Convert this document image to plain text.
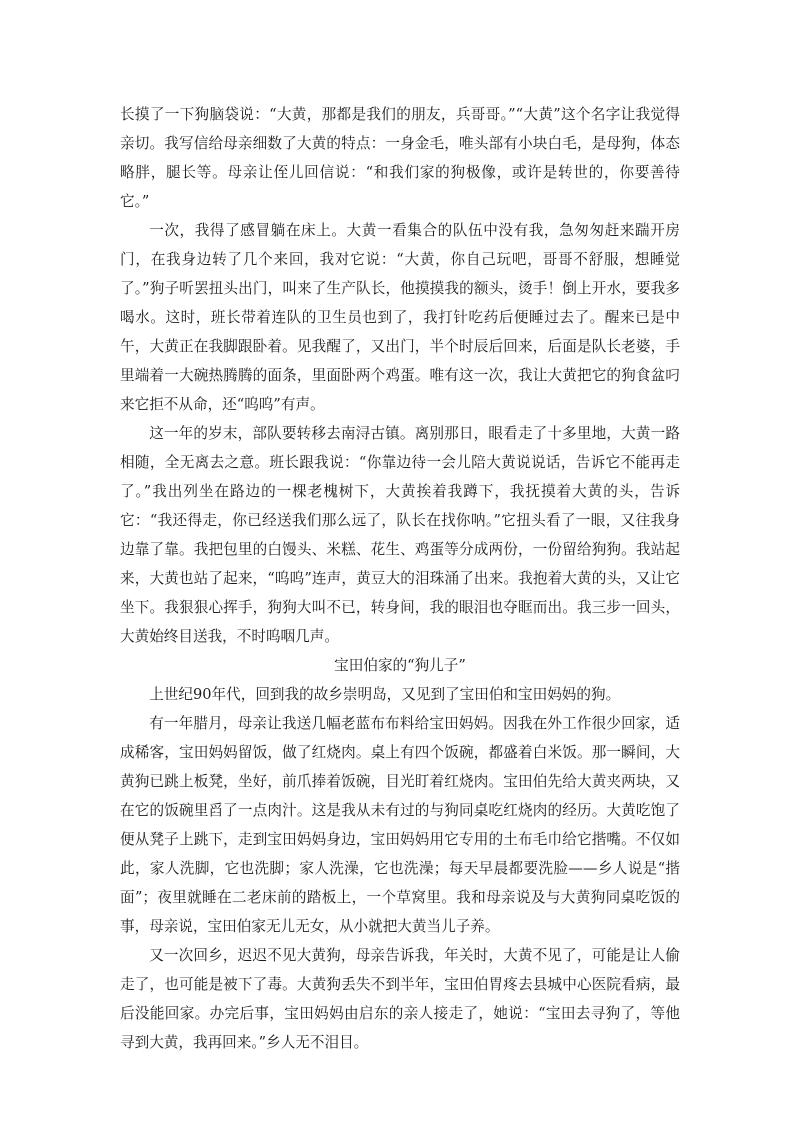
长摸了一下狗脑袋说：“大黄，那都是我们的朋友，兵哥哥。”“大黄”这个名字让我觉得亲切。我写信给母亲细数了大黄的特点：一身金毛，唯头部有小块白毛，是母狗，体态略胖，腿长等。母亲让侄儿回信说：“和我们家的狗极像，或许是转世的，你要善待它。”

一次，我得了感冒躺在床上。大黄一看集合的队伍中没有我，急匆匆赶来踹开房门，在我身边转了几个来回，我对它说：“大黄，你自己玩吧，哥哥不舒服，想睡觉了。”狗子听罢扭头出门，叫来了生产队长，他摸摸我的额头，烫手！倒上开水，要我多喝水。这时，班长带着连队的卫生员也到了，我打针吃药后便睡过去了。醒来已是中午，大黄正在我脚跟卧着。见我醒了，又出门，半个时辰后回来，后面是队长老婆，手里端着一大碗热腾腾的面条，里面卧两个鸡蛋。唯有这一次，我让大黄把它的狗食盆叼来它拒不从命，还“呜呜”有声。

这一年的岁末，部队要转移去南浔古镇。离别那日，眼看走了十多里地，大黄一路相随，全无离去之意。班长跟我说：“你靠边待一会儿陪大黄说说话，告诉它不能再走了。”我出列坐在路边的一棵老槐树下，大黄挨着我蹲下，我抚摸着大黄的头，告诉它：“我还得走，你已经送我们那么远了，队长在找你呐。”它扭头看了一眼，又往我身边靠了靠。我把包里的白馒头、米糕、花生、鸡蛋等分成两份，一份留给狗狗。我站起来，大黄也站了起来，“呜呜”连声，黄豆大的泪珠涌了出来。我抱着大黄的头，又让它坐下。我狠狠心挥手，狗狗大叫不已，转身间，我的眼泪也夺眶而出。我三步一回头，大黄始终目送我，不时呜咽几声。

宝田伯家的“狗儿子”

上世纪90年代，回到我的故乡崇明岛，又见到了宝田伯和宝田妈妈的狗。

有一年腊月，母亲让我送几幅老蓝布布料给宝田妈妈。因我在外工作很少回家，适成稀客，宝田妈妈留饭，做了红烧肉。桌上有四个饭碗，都盛着白米饭。那一瞬间，大黄狗已跳上板凳，坐好，前爪捧着饭碗，目光盯着红烧肉。宝田伯先给大黄夹两块，又在它的饭碗里舀了一点肉汁。这是我从未有过的与狗同桌吃红烧肉的经历。大黄吃饱了便从凳子上跳下，走到宝田妈妈身边，宝田妈妈用它专用的土布毛巾给它揩嘴。不仅如此，家人洗脚，它也洗脚；家人洗澡，它也洗澡；每天早晨都要洗脸——乡人说是“揩面”；夜里就睡在二老床前的踏板上，一个草窝里。我和母亲说及与大黄狗同桌吃饭的事，母亲说，宝田伯家无儿无女，从小就把大黄当儿子养。

又一次回乡，迟迟不见大黄狗，母亲告诉我，年关时，大黄不见了，可能是让人偷走了，也可能是被下了毒。大黄狗丢失不到半年，宝田伯胃疼去县城中心医院看病，最后没能回家。办完后事，宝田妈妈由启东的亲人接走了，她说：“宝田去寻狗了，等他寻到大黄，我再回来。”乡人无不泪目。
